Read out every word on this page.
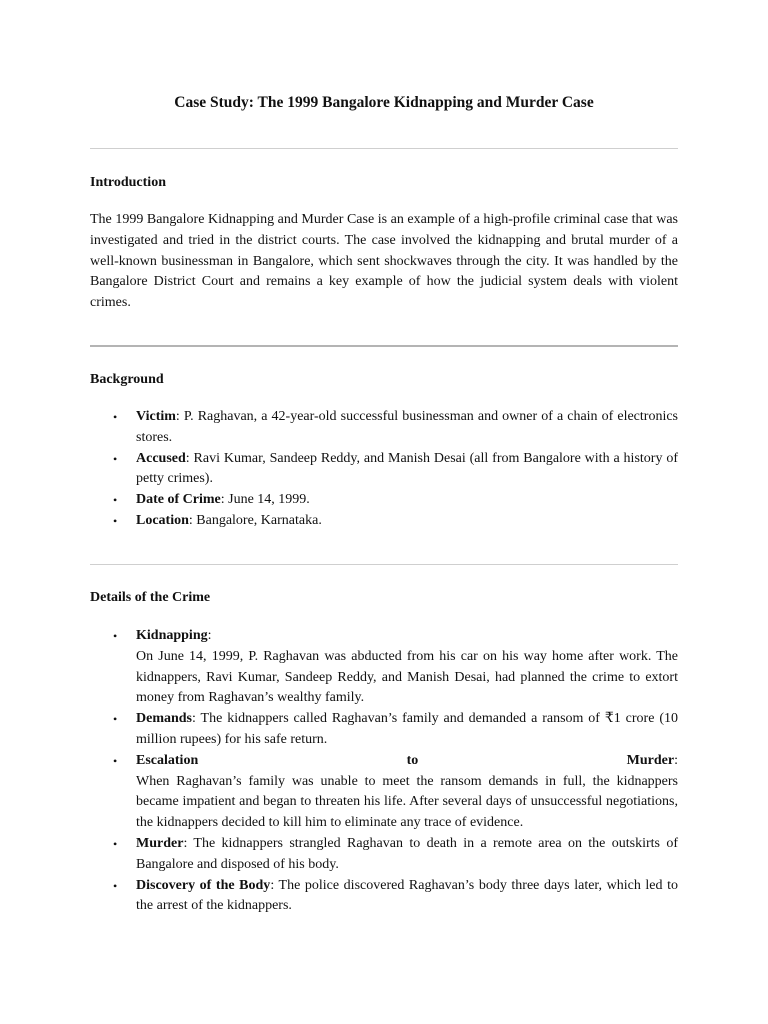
Case Study: The 1999 Bangalore Kidnapping and Murder Case
Introduction

The 1999 Bangalore Kidnapping and Murder Case is an example of a high-profile criminal case that was investigated and tried in the district courts. The case involved the kidnapping and brutal murder of a well-known businessman in Bangalore, which sent shockwaves through the city. It was handled by the Bangalore District Court and remains a key example of how the judicial system deals with violent crimes.

Background
• Victim: P. Raghavan, a 42-year-old successful businessman and owner of a chain of electronics stores.
• Accused: Ravi Kumar, Sandeep Reddy, and Manish Desai (all from Bangalore with a history of petty crimes).
• Date of Crime: June 14, 1999.
• Location: Bangalore, Karnataka.
Details of the Crime
• Kidnapping:
On June 14, 1999, P. Raghavan was abducted from his car on his way home after work. The kidnappers, Ravi Kumar, Sandeep Reddy, and Manish Desai, had planned the crime to extort money from Raghavan’s wealthy family.
• Demands: The kidnappers called Raghavan’s family and demanded a ransom of ₹1 crore (10 million rupees) for his safe return.
• Escalation	to	Murder:
When Raghavan’s family was unable to meet the ransom demands in full, the kidnappers became impatient and began to threaten his life. After several days of unsuccessful negotiations, the kidnappers decided to kill him to eliminate any trace of evidence.
• Murder: The kidnappers strangled Raghavan to death in a remote area on the outskirts of Bangalore and disposed of his body.
• Discovery of the Body: The police discovered Raghavan’s body three days later, which led to the arrest of the kidnappers.
